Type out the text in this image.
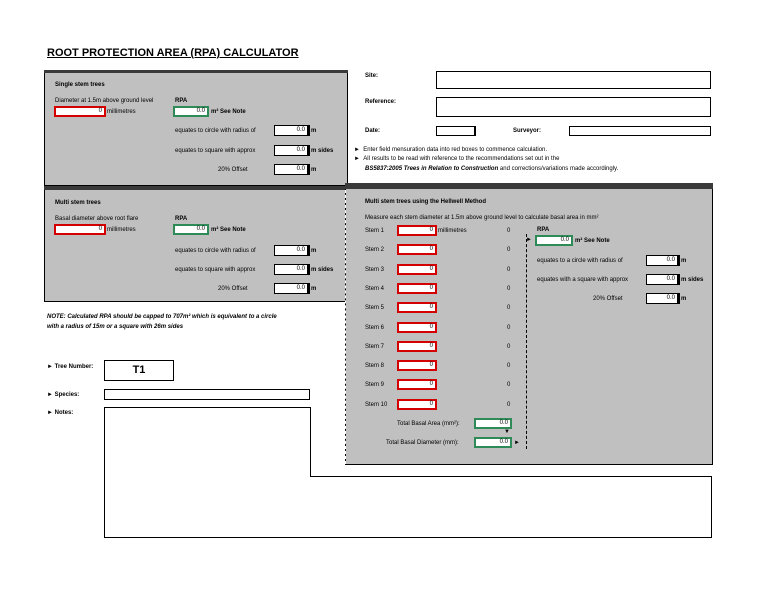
ROOT PROTECTION AREA (RPA) CALCULATOR
Single stem trees
Diameter at 1.5m above ground level
0 millimetres
RPA
0.0	m² See Note
equates to circle with radius of	0.0	m
equates to square with approx	0.0	m sides
20% Offset	0.0	m
Site:
Reference:
Date:	Surveyor:
► Enter field mensuration data into red boxes to commence calculation.
► All results to be read with reference to the recommendations set out in the
BS5837:2005 Trees in Relation to Construction and corrections/variations made accordingly.
Multi stem trees
Basal diameter above root flare
0 millimetres
RPA
0.0	m² See Note
equates to circle with radius of	0.0	m
equates to square with approx	0.0	m sides
20% Offset	0.0	m
NOTE: Calculated RPA should be capped to 707m² which is equivalent to a circle
with a radius of 15m or a square with 26m sides
Multi stem trees using the Hellwell Method
Measure each stem diameter at 1.5m above ground level to calculate basal area in mm²
Stem 1	0 millimetres	0
Stem 2	0	0
Stem 3	0	0
Stem 4	0	0
Stem 5	0	0
Stem 6	0	0
Stem 7	0	0
Stem 8	0	0
Stem 9	0	0
Stem 10	0	0
►
Total Basal Area (mm²):	0.0
▼
Total Basal Diameter (mm):	0.0	►
RPA
0.0	m² See Note
equates to a circle with radius of	0.0	m
equates with a square with approx	0.0	m sides
20% Offset	0.0	m
► Tree Number:	T1
► Species:
► Notes:
